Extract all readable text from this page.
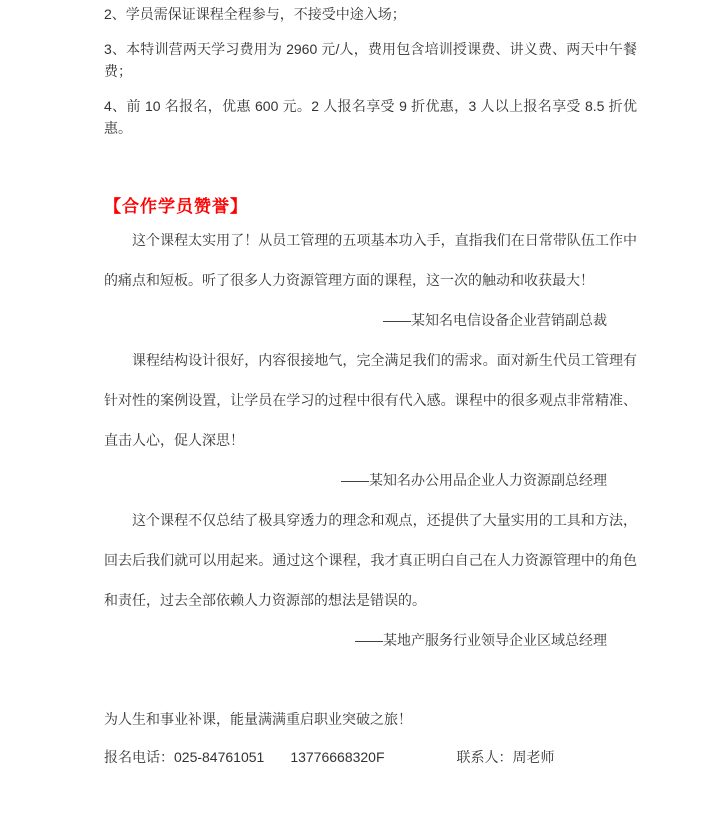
2、学员需保证课程全程参与，不接受中途入场；

3、本特训营两天学习费用为 2960 元/人，费用包含培训授课费、讲义费、两天中午餐费；

4、前 10 名报名，优惠 600 元。2 人报名享受 9 折优惠，3 人以上报名享受 8.5 折优惠。

【合作学员赞誉】

这个课程太实用了！从员工管理的五项基本功入手，直指我们在日常带队伍工作中的痛点和短板。听了很多人力资源管理方面的课程，这一次的触动和收获最大！

——某知名电信设备企业营销副总裁

课程结构设计很好，内容很接地气，完全满足我们的需求。面对新生代员工管理有针对性的案例设置，让学员在学习的过程中很有代入感。课程中的很多观点非常精准、直击人心，促人深思！

——某知名办公用品企业人力资源副总经理

这个课程不仅总结了极具穿透力的理念和观点，还提供了大量实用的工具和方法，回去后我们就可以用起来。通过这个课程，我才真正明白自己在人力资源管理中的角色和责任，过去全部依赖人力资源部的想法是错误的。

——某地产服务行业领导企业区域总经理

为人生和事业补课，能量满满重启职业突破之旅！

报名电话：025-84761051 13776668320F	联系人：周老师
